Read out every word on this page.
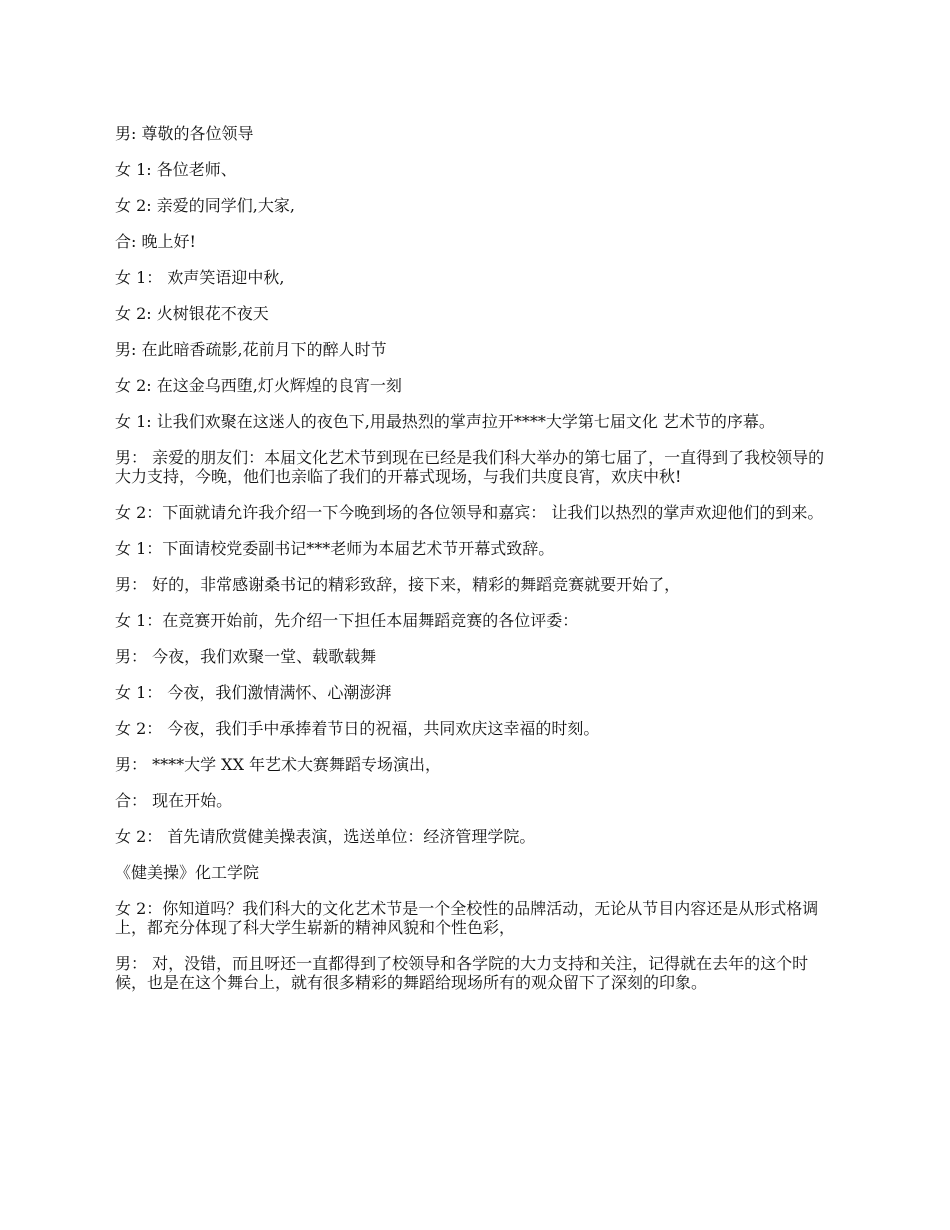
男: 尊敬的各位领导

女 1: 各位老师、

女 2: 亲爱的同学们,大家,

合: 晚上好!

女 1： 欢声笑语迎中秋,

女 2: 火树银花不夜天

男: 在此暗香疏影,花前月下的醉人时节

女 2: 在这金乌西堕,灯火辉煌的良宵一刻

女 1: 让我们欢聚在这迷人的夜色下,用最热烈的掌声拉开****大学第七届文化 艺术节的序幕。

男： 亲爱的朋友们：本届文化艺术节到现在已经是我们科大举办的第七届了，一直得到了我校领导的大力支持，今晚，他们也亲临了我们的开幕式现场，与我们共度良宵，欢庆中秋!

女 2：下面就请允许我介绍一下今晚到场的各位领导和嘉宾： 让我们以热烈的掌声欢迎他们的到来。

女 1：下面请校党委副书记***老师为本届艺术节开幕式致辞。

男： 好的，非常感谢桑书记的精彩致辞，接下来，精彩的舞蹈竞赛就要开始了，

女 1：在竞赛开始前，先介绍一下担任本届舞蹈竞赛的各位评委：

男： 今夜，我们欢聚一堂、载歌载舞

女 1： 今夜，我们激情满怀、心潮澎湃

女 2： 今夜，我们手中承捧着节日的祝福，共同欢庆这幸福的时刻。

男： ****大学 XX 年艺术大赛舞蹈专场演出，

合： 现在开始。

女 2： 首先请欣赏健美操表演，选送单位：经济管理学院。

《健美操》化工学院

女 2：你知道吗？我们科大的文化艺术节是一个全校性的品牌活动，无论从节目内容还是从形式格调上，都充分体现了科大学生崭新的精神风貌和个性色彩，

男： 对，没错，而且呀还一直都得到了校领导和各学院的大力支持和关注，记得就在去年的这个时候，也是在这个舞台上，就有很多精彩的舞蹈给现场所有的观众留下了深刻的印象。
